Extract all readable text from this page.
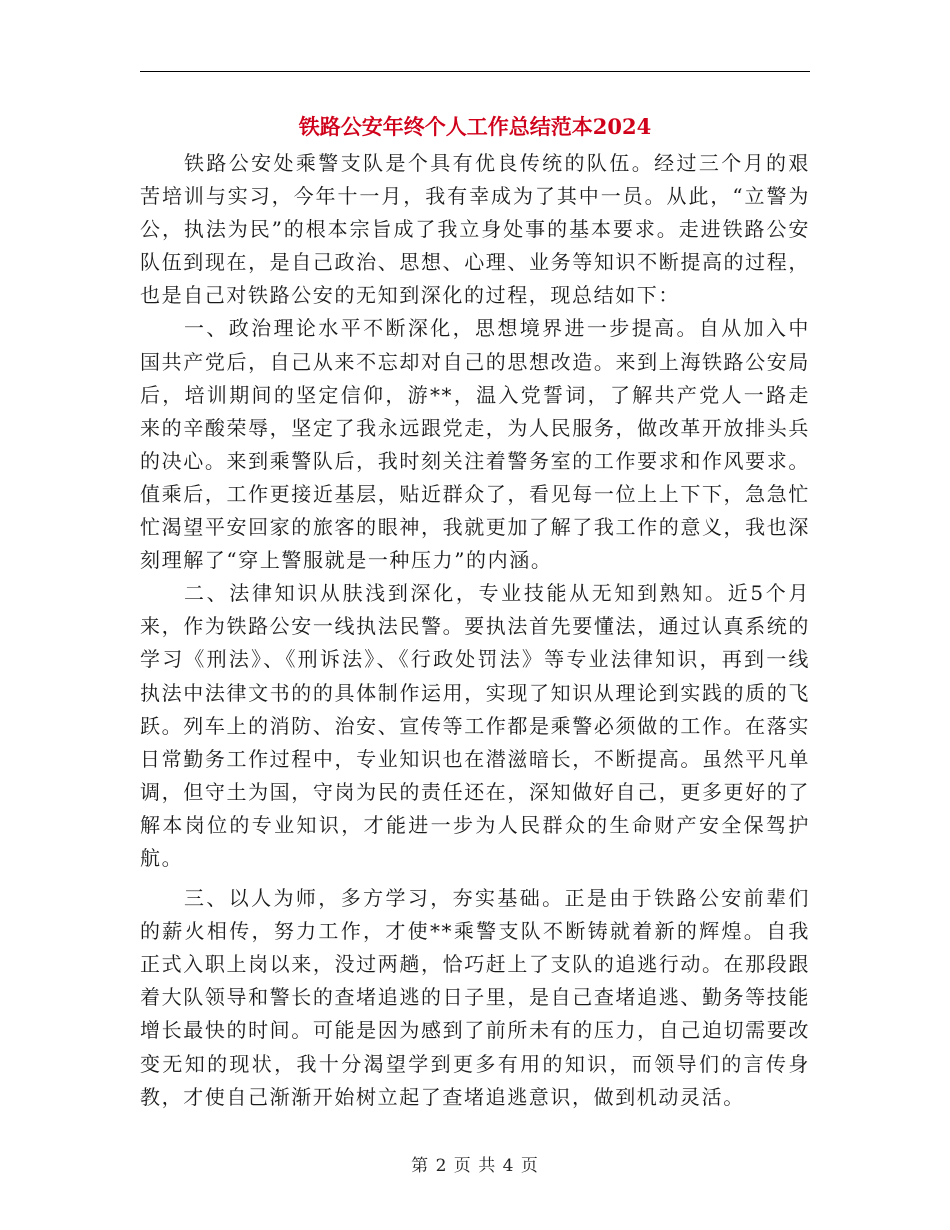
铁路公安年终个人工作总结范本2024

铁路公安处乘警支队是个具有优良传统的队伍。经过三个月的艰苦培训与实习，今年十一月，我有幸成为了其中一员。从此，“立警为公，执法为民”的根本宗旨成了我立身处事的基本要求。走进铁路公安队伍到现在，是自己政治、思想、心理、业务等知识不断提高的过程，也是自己对铁路公安的无知到深化的过程，现总结如下：

一、政治理论水平不断深化，思想境界进一步提高。自从加入中国共产党后，自己从来不忘却对自己的思想改造。来到上海铁路公安局后，培训期间的坚定信仰，游**，温入党誓词，了解共产党人一路走来的辛酸荣辱，坚定了我永远跟党走，为人民服务，做改革开放排头兵的决心。来到乘警队后，我时刻关注着警务室的工作要求和作风要求。值乘后，工作更接近基层，贴近群众了，看见每一位上上下下，急急忙忙渴望平安回家的旅客的眼神，我就更加了解了我工作的意义，我也深刻理解了“穿上警服就是一种压力”的内涵。

二、法律知识从肤浅到深化，专业技能从无知到熟知。近5个月来，作为铁路公安一线执法民警。要执法首先要懂法，通过认真系统的学习《刑法》、《刑诉法》、《行政处罚法》等专业法律知识，再到一线执法中法律文书的的具体制作运用，实现了知识从理论到实践的质的飞跃。列车上的消防、治安、宣传等工作都是乘警必须做的工作。在落实日常勤务工作过程中，专业知识也在潜滋暗长，不断提高。虽然平凡单调，但守土为国，守岗为民的责任还在，深知做好自己，更多更好的了解本岗位的专业知识，才能进一步为人民群众的生命财产安全保驾护航。

三、以人为师，多方学习，夯实基础。正是由于铁路公安前辈们的薪火相传，努力工作，才使**乘警支队不断铸就着新的辉煌。自我正式入职上岗以来，没过两趟，恰巧赶上了支队的追逃行动。在那段跟着大队领导和警长的查堵追逃的日子里，是自己查堵追逃、勤务等技能增长最快的时间。可能是因为感到了前所未有的压力，自己迫切需要改变无知的现状，我十分渴望学到更多有用的知识，而领导们的言传身教，才使自己渐渐开始树立起了查堵追逃意识，做到机动灵活。

第 2 页 共 4 页
